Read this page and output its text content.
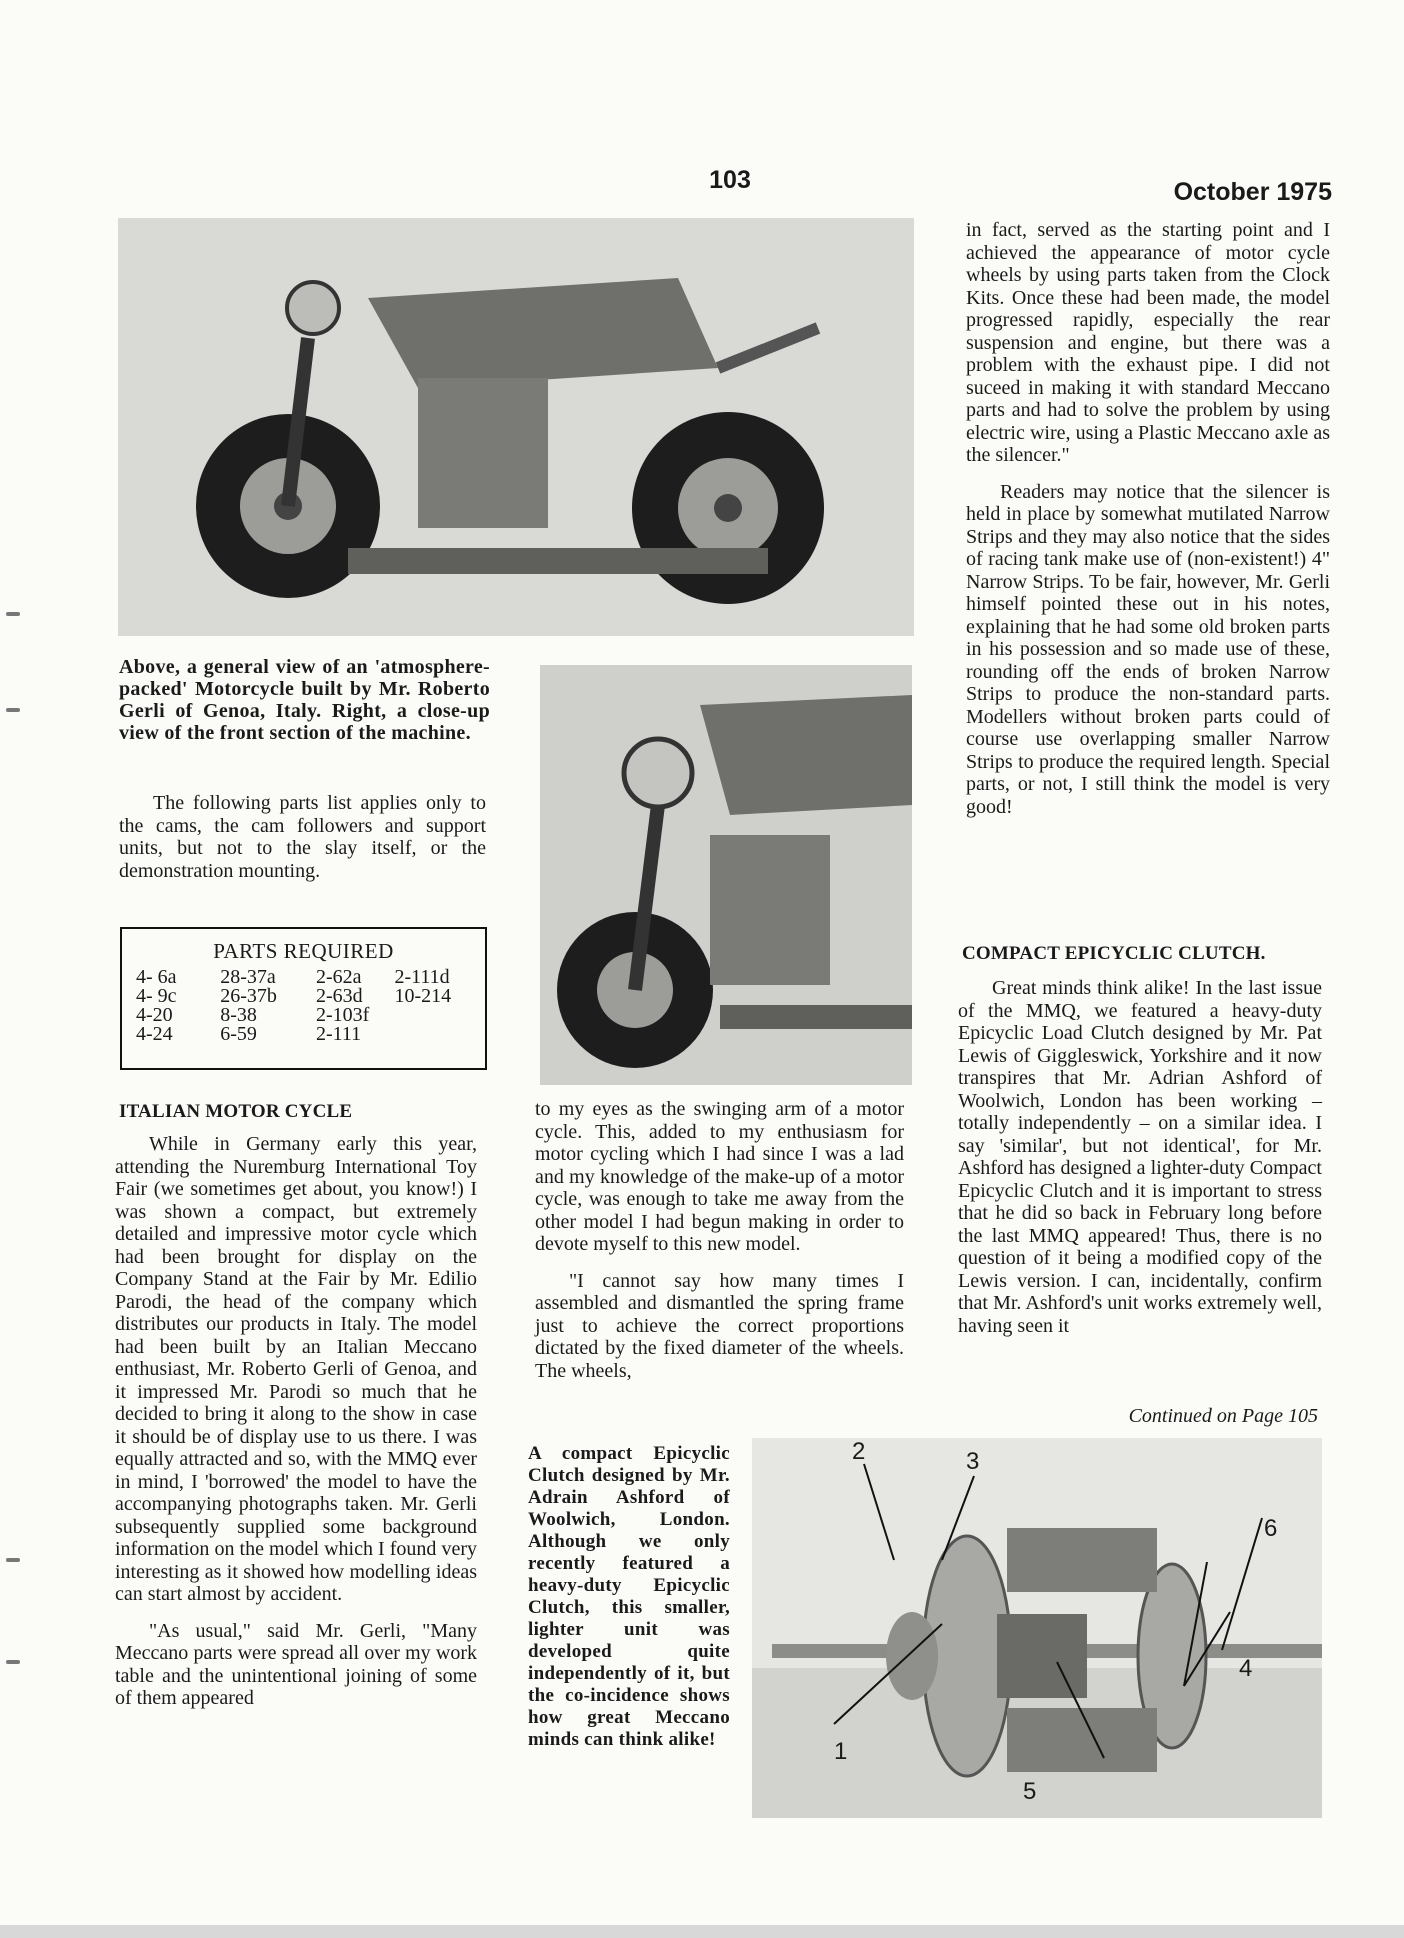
103	October 1975
Above, a general view of an 'atmosphere-packed' Motorcycle built by Mr. Roberto Gerli of Genoa, Italy. Right, a close-up view of the front section of the machine.

The following parts list applies only to the cams, the cam followers and support units, but not to the slay itself, or the demonstration mounting.

PARTS REQUIRED
4- 6a	28-37a	2-62a	2-111d
4- 9c	26-37b	2-63d	10-214
4-20	8-38	2-103f
4-24	6-59	2-111
ITALIAN MOTOR CYCLE

While in Germany early this year, attending the Nuremburg International Toy Fair (we sometimes get about, you know!) I was shown a compact, but extremely detailed and impressive motor cycle which had been brought for display on the Company Stand at the Fair by Mr. Edilio Parodi, the head of the company which distributes our products in Italy. The model had been built by an Italian Meccano enthusiast, Mr. Roberto Gerli of Genoa, and it impressed Mr. Parodi so much that he decided to bring it along to the show in case it should be of display use to us there. I was equally attracted and so, with the MMQ ever in mind, I 'borrowed' the model to have the accompanying photographs taken. Mr. Gerli subsequently supplied some background information on the model which I found very interesting as it showed how modelling ideas can start almost by accident.

"As usual," said Mr. Gerli, "Many Meccano parts were spread all over my work table and the unintentional joining of some of them appeared

to my eyes as the swinging arm of a motor cycle. This, added to my enthusiasm for motor cycling which I had since I was a lad and my knowledge of the make-up of a motor cycle, was enough to take me away from the other model I had begun making in order to devote myself to this new model.

"I cannot say how many times I assembled and dismantled the spring frame just to achieve the correct proportions dictated by the fixed diameter of the wheels. The wheels,

A compact Epicyclic Clutch designed by Mr. Adrain Ashford of Woolwich, London. Although we only recently featured a heavy-duty Epicyclic Clutch, this smaller, lighter unit was developed quite independently of it, but the co-incidence shows how great Meccano minds can think alike!	1
2	3
4
5
6

in fact, served as the starting point and I achieved the appearance of motor cycle wheels by using parts taken from the Clock Kits. Once these had been made, the model progressed rapidly, especially the rear suspension and engine, but there was a problem with the exhaust pipe. I did not suceed in making it with standard Meccano parts and had to solve the problem by using electric wire, using a Plastic Meccano axle as the silencer."

Readers may notice that the silencer is held in place by somewhat mutilated Narrow Strips and they may also notice that the sides of racing tank make use of (non-existent!) 4" Narrow Strips. To be fair, however, Mr. Gerli himself pointed these out in his notes, explaining that he had some old broken parts in his possession and so made use of these, rounding off the ends of broken Narrow Strips to produce the non-standard parts. Modellers without broken parts could of course use overlapping smaller Narrow Strips to produce the required length. Special parts, or not, I still think the model is very good!

COMPACT EPICYCLIC CLUTCH.

Great minds think alike! In the last issue of the MMQ, we featured a heavy-duty Epicyclic Load Clutch designed by Mr. Pat Lewis of Giggleswick, Yorkshire and it now transpires that Mr. Adrian Ashford of Woolwich, London has been working – totally independently – on a similar idea. I say 'similar', but not identical', for Mr. Ashford has designed a lighter-duty Compact Epicyclic Clutch and it is important to stress that he did so back in February long before the last MMQ appeared! Thus, there is no question of it being a modified copy of the Lewis version. I can, incidentally, confirm that Mr. Ashford's unit works extremely well, having seen it

Continued on Page 105
